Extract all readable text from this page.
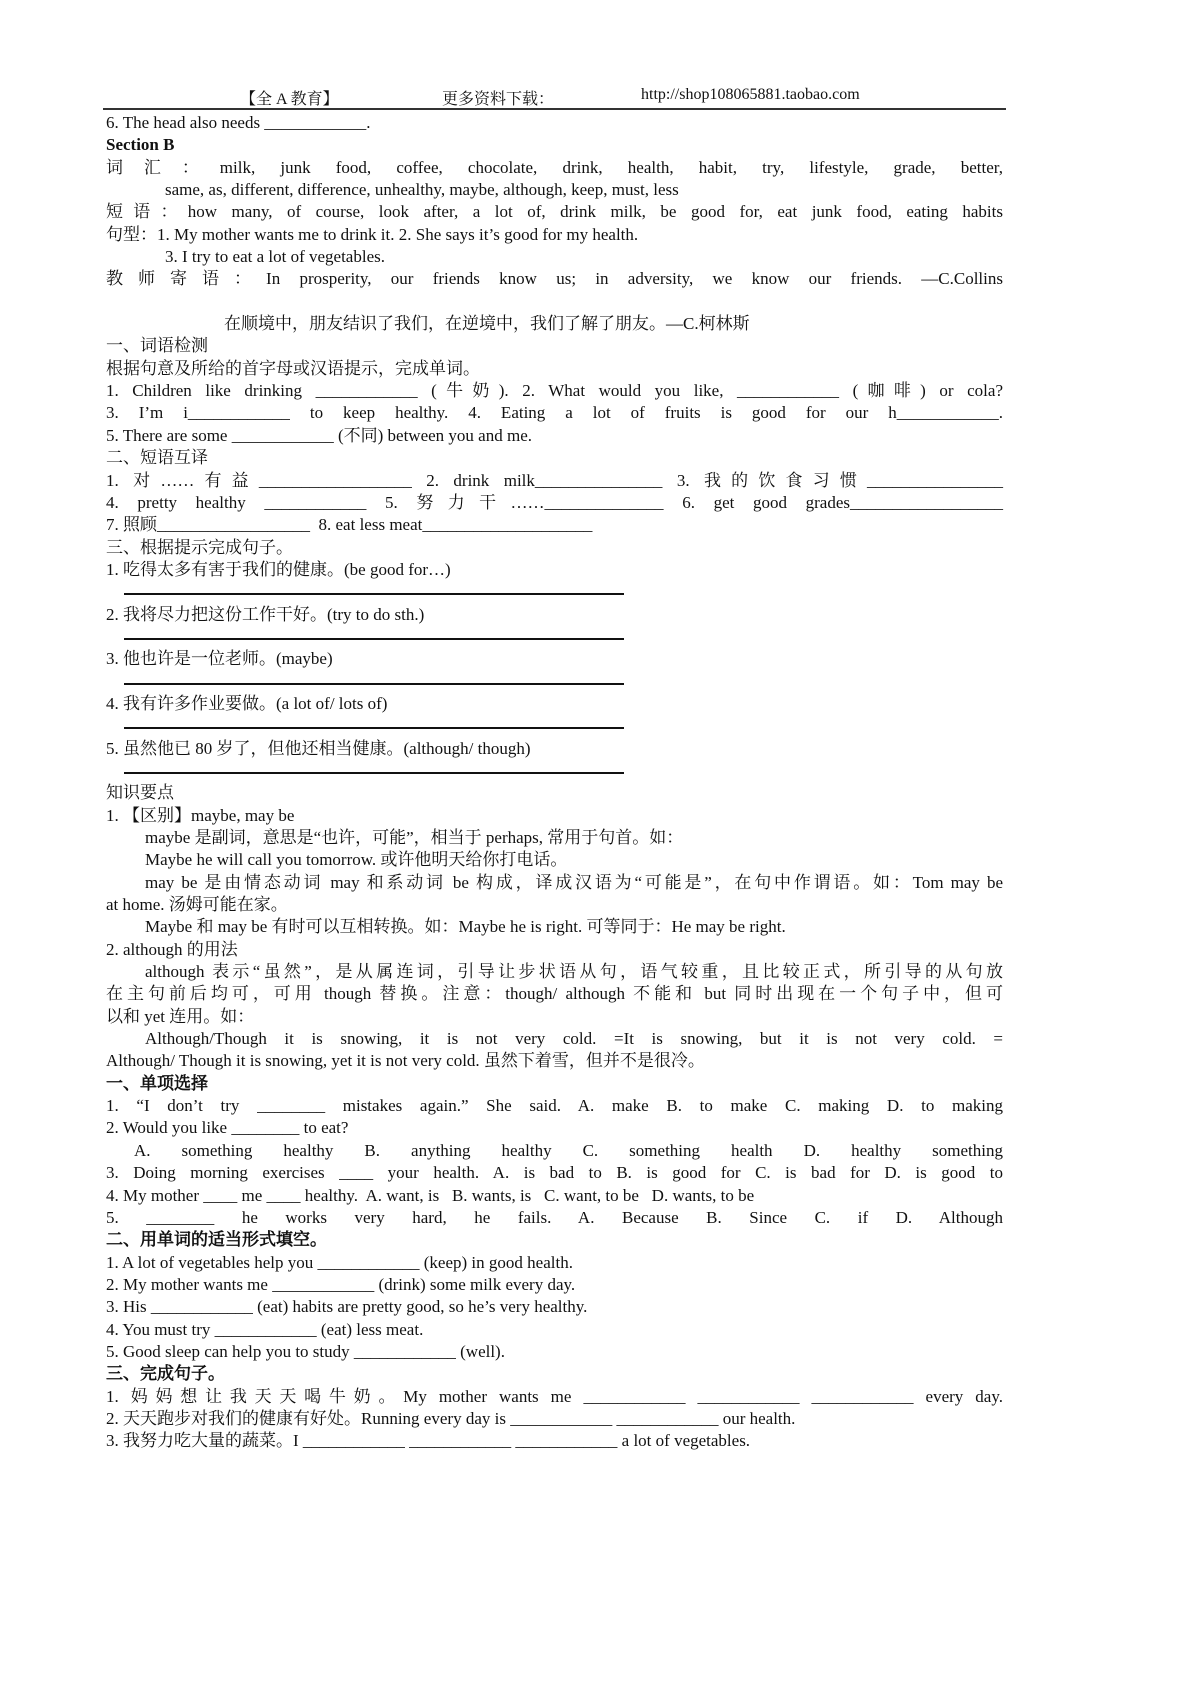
【全 A 教育】	更多资料下载：	http://shop108065881.taobao.com
6. The head also needs ____________.
Section B
词汇：milk, junk food, coffee, chocolate, drink, health, habit, try, lifestyle, grade, better,
same, as, different, difference, unhealthy, maybe, although, keep, must, less
短语：how many, of course, look after, a lot of, drink milk, be good for, eat junk food, eating habits
句型：1. My mother wants me to drink it. 2. She says it’s good for my health.
3. I try to eat a lot of vegetables.
教师寄语：In prosperity, our friends know us; in adversity, we know our friends. —C.Collins
在顺境中，朋友结识了我们，在逆境中，我们了解了朋友。—C.柯林斯
一、词语检测
根据句意及所给的首字母或汉语提示，完成单词。
1. Children like drinking ____________ (牛奶). 2. What would you like, ____________ (咖啡) or cola?
3. I’m i____________ to keep healthy. 4. Eating a lot of fruits is good for our h____________.
5. There are some ____________ (不同) between you and me.
二、短语互译
1. 对……有益__________________ 2. drink milk_______________ 3. 我的饮食习惯________________
4. pretty healthy ____________ 5. 努力干……______________ 6. get good grades__________________
7. 照顾__________________  8. eat less meat____________________
三、根据提示完成句子。
1. 吃得太多有害于我们的健康。(be good for…)
2. 我将尽力把这份工作干好。(try to do sth.)
3. 他也许是一位老师。(maybe)
4. 我有许多作业要做。(a lot of/ lots of)
5. 虽然他已 80 岁了，但他还相当健康。(although/ though)
知识要点
1. 【区别】maybe, may be
maybe 是副词，意思是“也许，可能”，相当于 perhaps, 常用于句首。如：
Maybe he will call you tomorrow. 或许他明天给你打电话。
may be 是由情态动词 may 和系动词 be 构成，译成汉语为“可能是”，在句中作谓语。如：Tom may be
at home. 汤姆可能在家。
Maybe 和 may be 有时可以互相转换。如：Maybe he is right. 可等同于：He may be right.
2. although 的用法
although 表示“虽然”，是从属连词，引导让步状语从句，语气较重，且比较正式，所引导的从句放
在主句前后均可，可用 though 替换。注意：though/ although 不能和 but 同时出现在一个句子中，但可
以和 yet 连用。如：
Although/Though it is snowing, it is not very cold. =It is snowing, but it is not very cold. =
Although/ Though it is snowing, yet it is not very cold. 虽然下着雪，但并不是很冷。
一、单项选择
1. “I don’t try ________ mistakes again.” She said. A. make B. to make C. making D. to making
2. Would you like ________ to eat?
A. something healthy B. anything healthy C. something health D. healthy something
3. Doing morning exercises ____ your health. A. is bad to B. is good for C. is bad for D. is good to
4. My mother ____ me ____ healthy.  A. want, is   B. wants, is   C. want, to be   D. wants, to be
5. ________ he works very hard, he fails. A. Because B. Since C. if D. Although
二、用单词的适当形式填空。
1. A lot of vegetables help you ____________ (keep) in good health.
2. My mother wants me ____________ (drink) some milk every day.
3. His ____________ (eat) habits are pretty good, so he’s very healthy.
4. You must try ____________ (eat) less meat.
5. Good sleep can help you to study ____________ (well).
三、完成句子。
1. 妈妈想让我天天喝牛奶。My mother wants me ____________ ____________ ____________ every day.
2. 天天跑步对我们的健康有好处。Running every day is ____________ ____________ our health.
3. 我努力吃大量的蔬菜。I ____________ ____________ ____________ a lot of vegetables.
